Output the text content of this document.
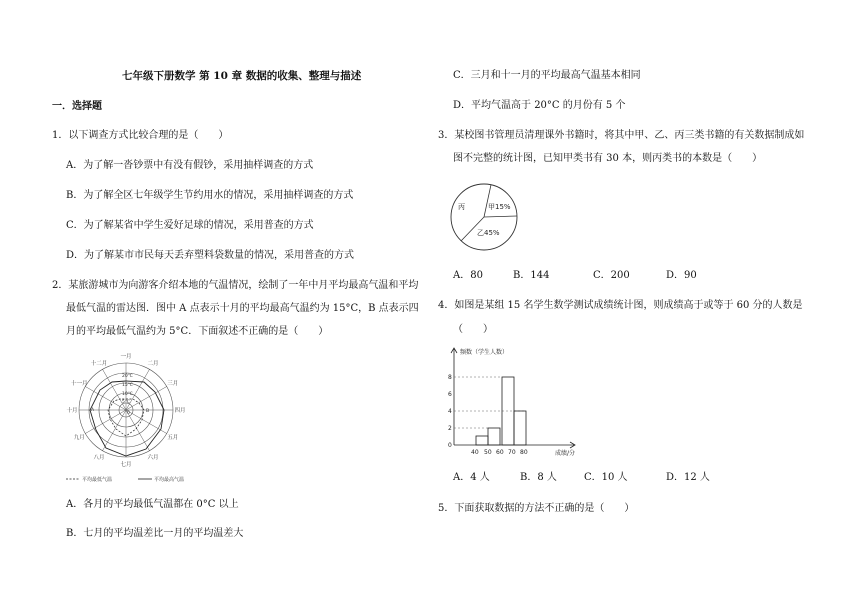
七年级下册数学 第 10 章 数据的收集、整理与描述
一．选择题
1．以下调查方式比较合理的是（　　）
A．为了解一沓钞票中有没有假钞，采用抽样调查的方式
B．为了解全区七年级学生节约用水的情况，采用抽样调查的方式
C．为了解某省中学生爱好足球的情况，采用普查的方式
D．为了解某市市民每天丢弃塑料袋数量的情况，采用普查的方式
2．某旅游城市为向游客介绍本地的气温情况，绘制了一年中月平均最高气温和平均
最低气温的雷达图．图中 A 点表示十月的平均最高气温约为 15°C，B 点表示四
月的平均最低气温约为 5°C．下面叙述不正确的是（　　）
一月
二月
三月
四月
五月
六月
七月
八月
九月
十月
十一月
十二月
20℃
15℃
10℃
5℃
A	B
0
平均最低气温	平均最高气温
A．各月的平均最低气温都在 0°C 以上
B．七月的平均温差比一月的平均温差大
C．三月和十一月的平均最高气温基本相同
D．平均气温高于 20°C 的月份有 5 个
3．某校图书管理员清理课外书籍时，将其中甲、乙、丙三类书籍的有关数据制成如
图不完整的统计图，已知甲类书有 30 本，则丙类书的本数是（　　）
丙	甲15%
乙45%
A．80	B．144	C．200	D．90
4．如图是某组 15 名学生数学测试成绩统计图，则成绩高于或等于 60 分的人数是
（　　）
频数（学生人数）
8
6
4
2
0
40 50 60 70 80	成绩/分
A．4 人	B．8 人	C．10 人	D．12 人
5．下面获取数据的方法不正确的是（　　）
